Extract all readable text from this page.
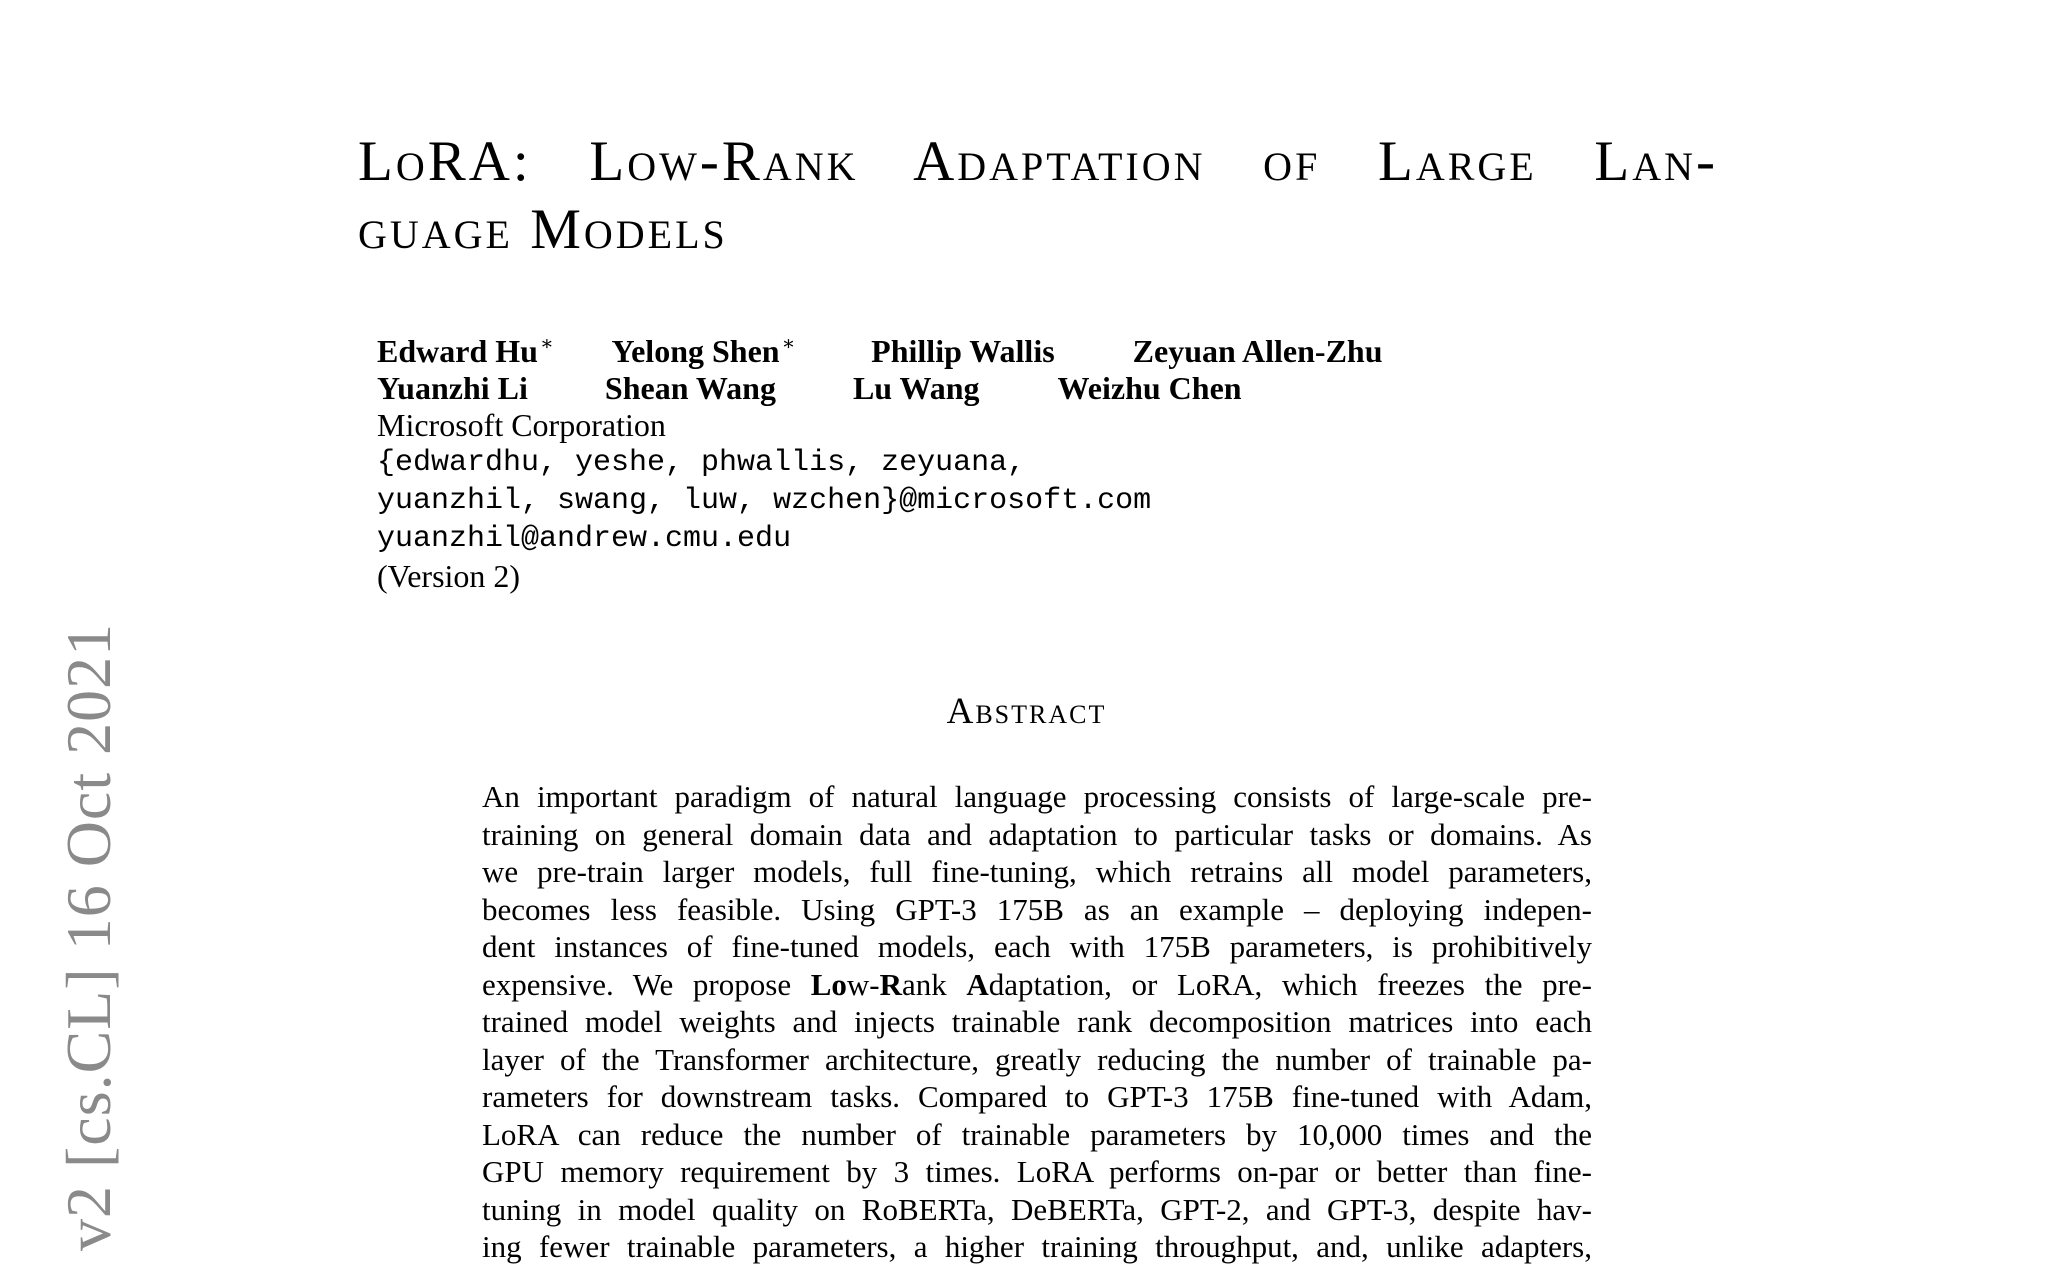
v2 [cs.CL] 16 Oct 2021
LoRA: Low-Rank Adaptation of Large Lan-
guage Models
Edward Hu ∗ Yelong Shen ∗ Phillip Wallis Zeyuan Allen-Zhu
Yuanzhi Li Shean Wang Lu Wang Weizhu Chen
Microsoft Corporation
{edwardhu, yeshe, phwallis, zeyuana,
yuanzhil, swang, luw, wzchen}@microsoft.com
yuanzhil@andrew.cmu.edu
(Version 2)
Abstract
An important paradigm of natural language processing consists of large-scale pre-
training on general domain data and adaptation to particular tasks or domains. As
we pre-train larger models, full fine-tuning, which retrains all model parameters,
becomes less feasible. Using GPT-3 175B as an example – deploying indepen-
dent instances of fine-tuned models, each with 175B parameters, is prohibitively
expensive. We propose Low-Rank Adaptation, or LoRA, which freezes the pre-
trained model weights and injects trainable rank decomposition matrices into each
layer of the Transformer architecture, greatly reducing the number of trainable pa-
rameters for downstream tasks. Compared to GPT-3 175B fine-tuned with Adam,
LoRA can reduce the number of trainable parameters by 10,000 times and the
GPU memory requirement by 3 times. LoRA performs on-par or better than fine-
tuning in model quality on RoBERTa, DeBERTa, GPT-2, and GPT-3, despite hav-
ing fewer trainable parameters, a higher training throughput, and, unlike adapters,
